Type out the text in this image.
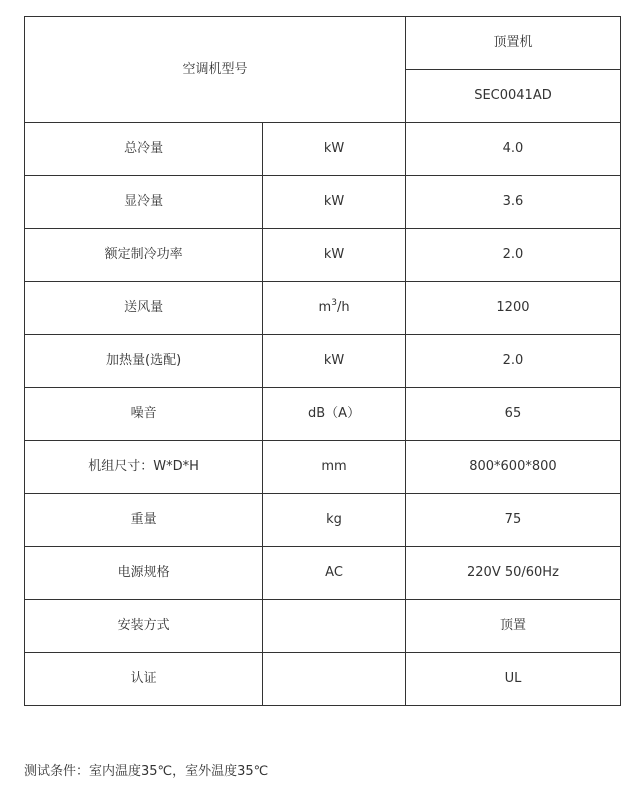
空调机型号		顶置机
		SEC0041AD
总冷量	kW	4.0
显冷量	kW	3.6
额定制冷功率	kW	2.0
送风量	$m^3/h$	1200
加热量(选配)	kW	2.0
噪音	dB（A）	65
机组尺寸：W*D*H	mm	800*600*800
重量	kg	75
电源规格	AC	220V 50/60Hz
安装方式		顶置
认证		UL
测试条件：室内温度35℃，室外温度35℃
